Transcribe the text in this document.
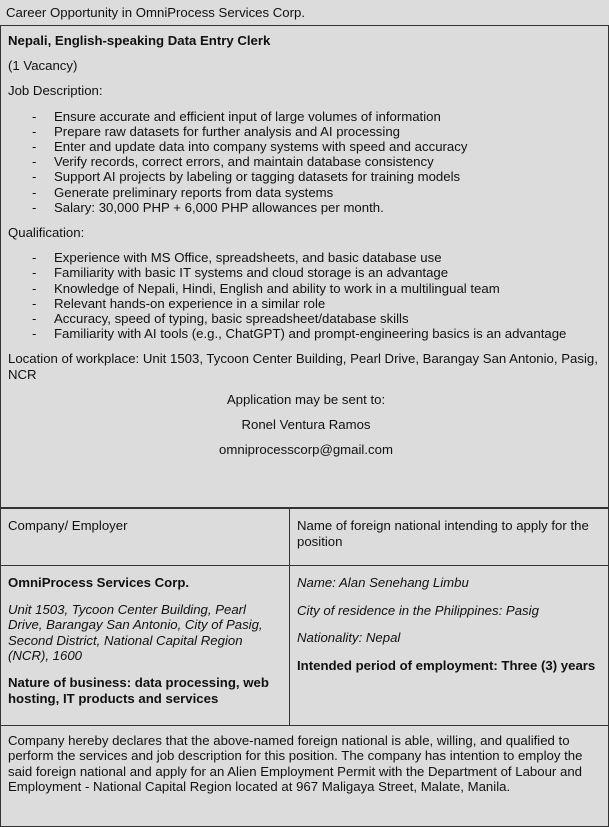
Career Opportunity in OmniProcess Services Corp.
Nepali, English-speaking Data Entry Clerk
(1 Vacancy)
Job Description:
- Ensure accurate and efficient input of large volumes of information
- Prepare raw datasets for further analysis and AI processing
- Enter and update data into company systems with speed and accuracy
- Verify records, correct errors, and maintain database consistency
- Support AI projects by labeling or tagging datasets for training models
- Generate preliminary reports from data systems
- Salary: 30,000 PHP + 6,000 PHP allowances per month.
Qualification:
- Experience with MS Office, spreadsheets, and basic database use
- Familiarity with basic IT systems and cloud storage is an advantage
- Knowledge of Nepali, Hindi, English and ability to work in a multilingual team
- Relevant hands-on experience in a similar role
- Accuracy, speed of typing, basic spreadsheet/database skills
- Familiarity with AI tools (e.g., ChatGPT) and prompt-engineering basics is an advantage
Location of workplace: Unit 1503, Tycoon Center Building, Pearl Drive, Barangay San Antonio, Pasig, NCR
Application may be sent to:
Ronel Ventura Ramos
omniprocesscorp@gmail.com
Company/ Employer	Name of foreign national intending to apply for the position
OmniProcess Services Corp.
Unit 1503, Tycoon Center Building, Pearl Drive, Barangay San Antonio, City of Pasig, Second District, National Capital Region (NCR), 1600
Nature of business: data processing, web hosting, IT products and services
Name: Alan Senehang Limbu
City of residence in the Philippines: Pasig
Nationality: Nepal
Intended period of employment: Three (3) years
Company hereby declares that the above-named foreign national is able, willing, and qualified to perform the services and job description for this position. The company has intention to employ the said foreign national and apply for an Alien Employment Permit with the Department of Labour and Employment - National Capital Region located at 967 Maligaya Street, Malate, Manila.
